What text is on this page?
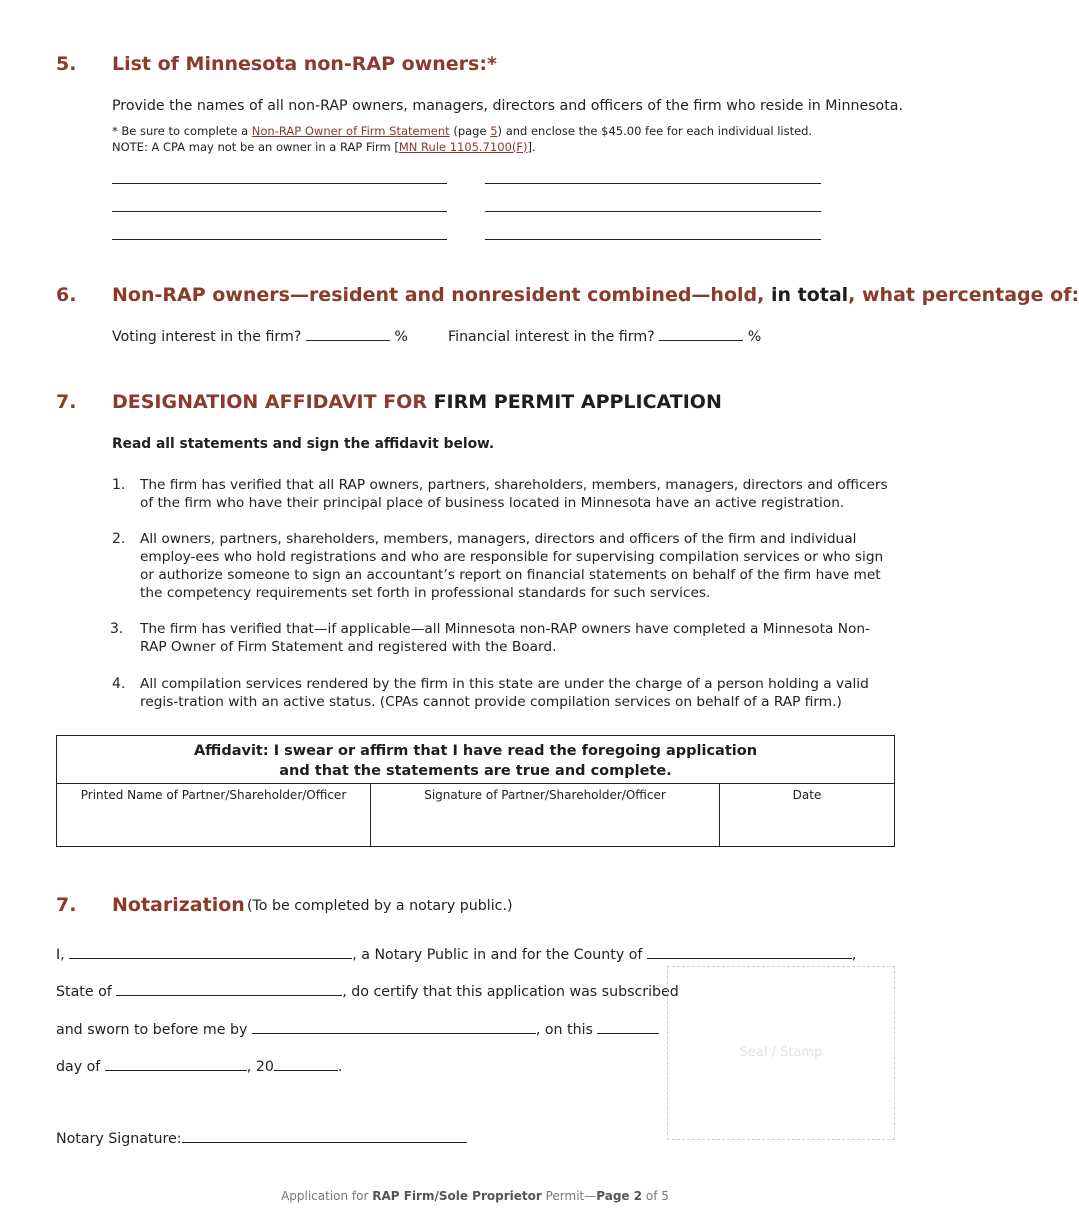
5. List of Minnesota non-RAP owners:*
Provide the names of all non-RAP owners, managers, directors and officers of the firm who reside in Minnesota.
* Be sure to complete a Non-RAP Owner of Firm Statement (page 5) and enclose the $45.00 fee for each individual listed.
NOTE: A CPA may not be an owner in a RAP Firm [MN Rule 1105.7100(F)].
6. Non-RAP owners—resident and nonresident combined—hold, in total, what percentage of:
Voting interest in the firm?	%	Financial interest in the firm?	%
7. DESIGNATION AFFIDAVIT FOR FIRM PERMIT APPLICATION
Read all statements and sign the affidavit below.
1. The firm has verified that all RAP owners, partners, shareholders, members, managers, directors and officers of the firm who have their principal place of business located in Minnesota have an active registration.
2. All owners, partners, shareholders, members, managers, directors and officers of the firm and individual employ-ees who hold registrations and who are responsible for supervising compilation services or who sign or authorize someone to sign an accountant’s report on financial statements on behalf of the firm have met the competency requirements set forth in professional standards for such services.
3. The firm has verified that—if applicable—all Minnesota non-RAP owners have completed a Minnesota Non-RAP Owner of Firm Statement and registered with the Board.
4. All compilation services rendered by the firm in this state are under the charge of a person holding a valid regis-tration with an active status. (CPAs cannot provide compilation services on behalf of a RAP firm.)
Affidavit: I swear or affirm that I have read the foregoing application
and that the statements are true and complete.
Printed Name of Partner/Shareholder/Officer	Signature of Partner/Shareholder/Officer	Date
7. Notarization (To be completed by a notary public.)
I,	, a Notary Public in and for the County of	,
State of	, do certify that this application was subscribed
and sworn to before me by	, on this
day of	, 20	.
Notary Signature:
Seal / Stamp
Application for RAP Firm/Sole Proprietor Permit—Page 2 of 5
